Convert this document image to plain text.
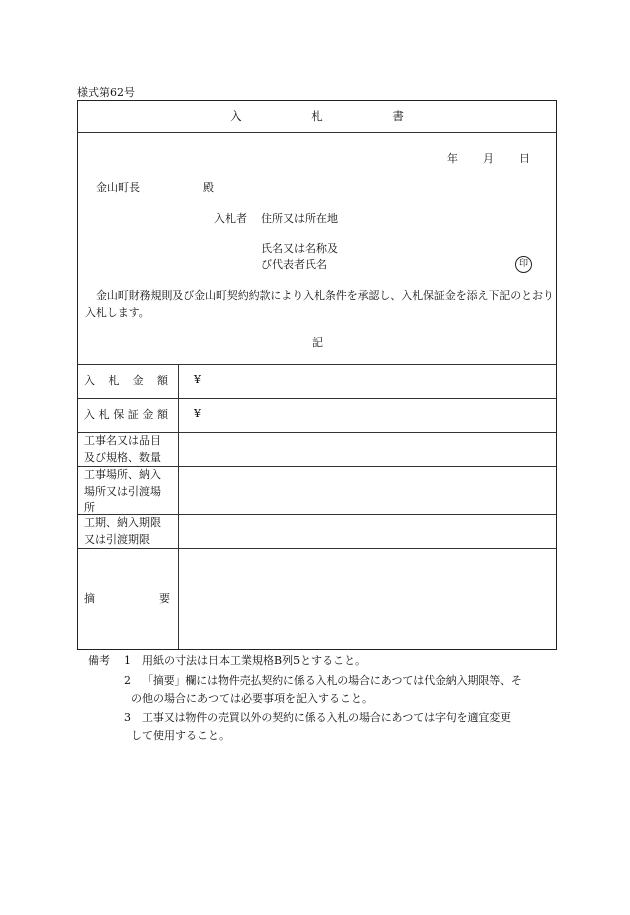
様式第62号
入	札	書
年 月 日
金山町長	殿
入札者 住所又は所在地
氏名又は名称及
び代表者氏名	印
金山町財務規則及び金山町契約約款により入札条件を承認し、入札保証金を添え下記のとおり入札します。
記
入 札 金 額 ¥
入 札 保 証 金 額 ¥
工事名又は品目
及び規格、数量
工事場所、納入
場所又は引渡場
所
工期、納入期限
又は引渡期限
摘	要
備考 1 用紙の寸法は日本工業規格B列5とすること。
2 「摘要」欄には物件売払契約に係る入札の場合にあつては代金納入期限等、そ
の他の場合にあつては必要事項を記入すること。
3 工事又は物件の売買以外の契約に係る入札の場合にあつては字句を適宜変更
して使用すること。
